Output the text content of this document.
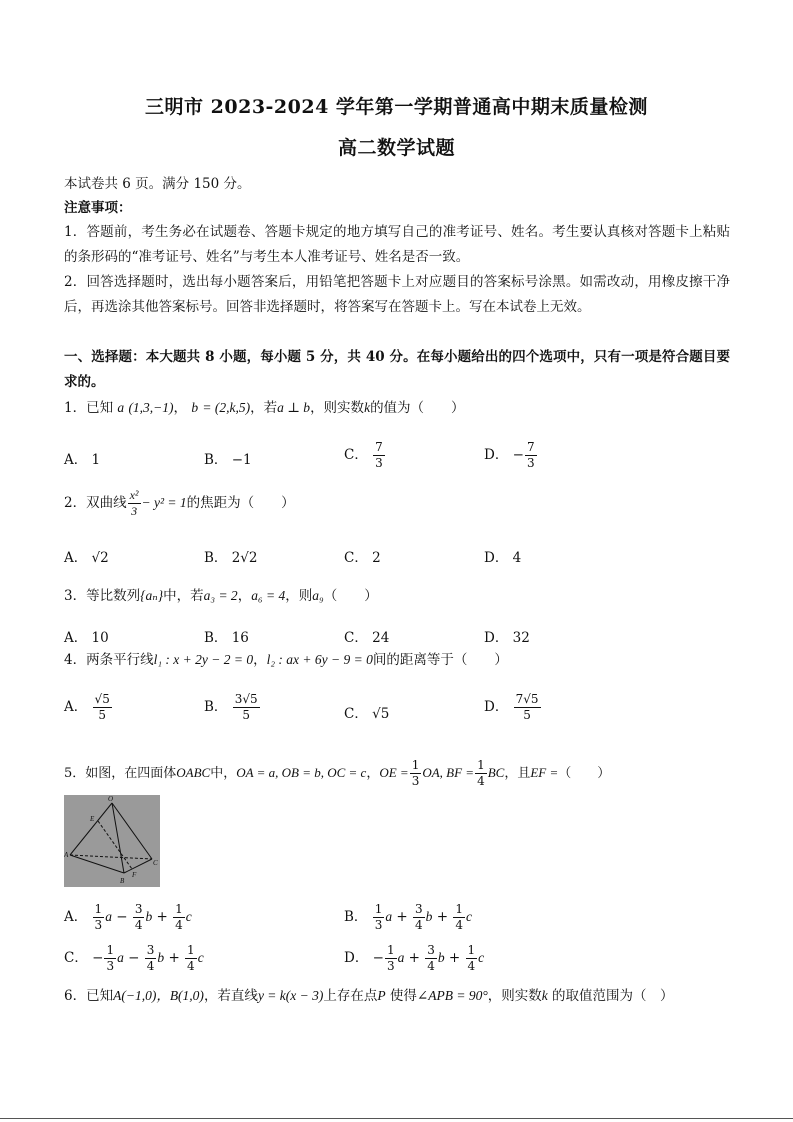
三明市 2023-2024 学年第一学期普通高中期末质量检测
高二数学试题
本试卷共 6 页。满分 150 分。
注意事项：
1．答题前，考生务必在试题卷、答题卡规定的地方填写自己的准考证号、姓名。考生要认真核对答题卡上粘贴的条形码的“准考证号、姓名”与考生本人准考证号、姓名是否一致。
2．回答选择题时，选出每小题答案后，用铅笔把答题卡上对应题目的答案标号涂黑。如需改动，用橡皮擦干净后，再选涂其他答案标号。回答非选择题时，将答案写在答题卡上。写在本试卷上无效。
一、选择题：本大题共 8 小题，每小题 5 分，共 40 分。在每小题给出的四个选项中，只有一项是符合题目要求的。
1．已知 a (1,3,−1)， b = (2,k,5)，若a ⊥ b，则实数k的值为（　　）
A． 1	B． −1	C． $\frac{7}{3}$	D． − $\frac{7}{3}$
2．双曲线 $\frac{\text{x²}}{3} - y^2 = 1$的焦距为（　　）
A． √2	B． 2√2	C． 2	D． 4
3．等比数列{aₙ}中，若a₃ = 2，a₆ = 4，则a₉（　　）
A． 10	B． 16	C． 24	D． 32
4．两条平行线l₁ : x + 2y − 2 = 0，l₂ : ax + 6y − 9 = 0间的距离等于（　　）
A． $\frac{√5}{5}$	B． $\frac{3√5}{5}$	C． √5	D． $\frac{7√5}{5}$
5．如图，在四面体OABC中，OA = a, OB = b, OC = c，OE = $\frac{1}{3}$ OA, BF = $\frac{1}{4}$ BC，且EF =（　　）
O
E
A
B
F
C
A． $\frac{1}{3}$ $a - \frac{3}{4}$ $b + \frac{1}{4}$ c	B． $\frac{1}{3}$ $a + \frac{3}{4}$ $b + \frac{1}{4}$ c
C． − $\frac{1}{3}$ $a - \frac{3}{4}$ $b + \frac{1}{4}$ c	D． − $\frac{1}{3}$ $a + \frac{3}{4}$ $b + \frac{1}{4}$ c
6．已知A(−1,0)，B(1,0)，若直线y = k(x − 3)上存在点P 使得∠APB = 90°，则实数k 的取值范围为（　）
